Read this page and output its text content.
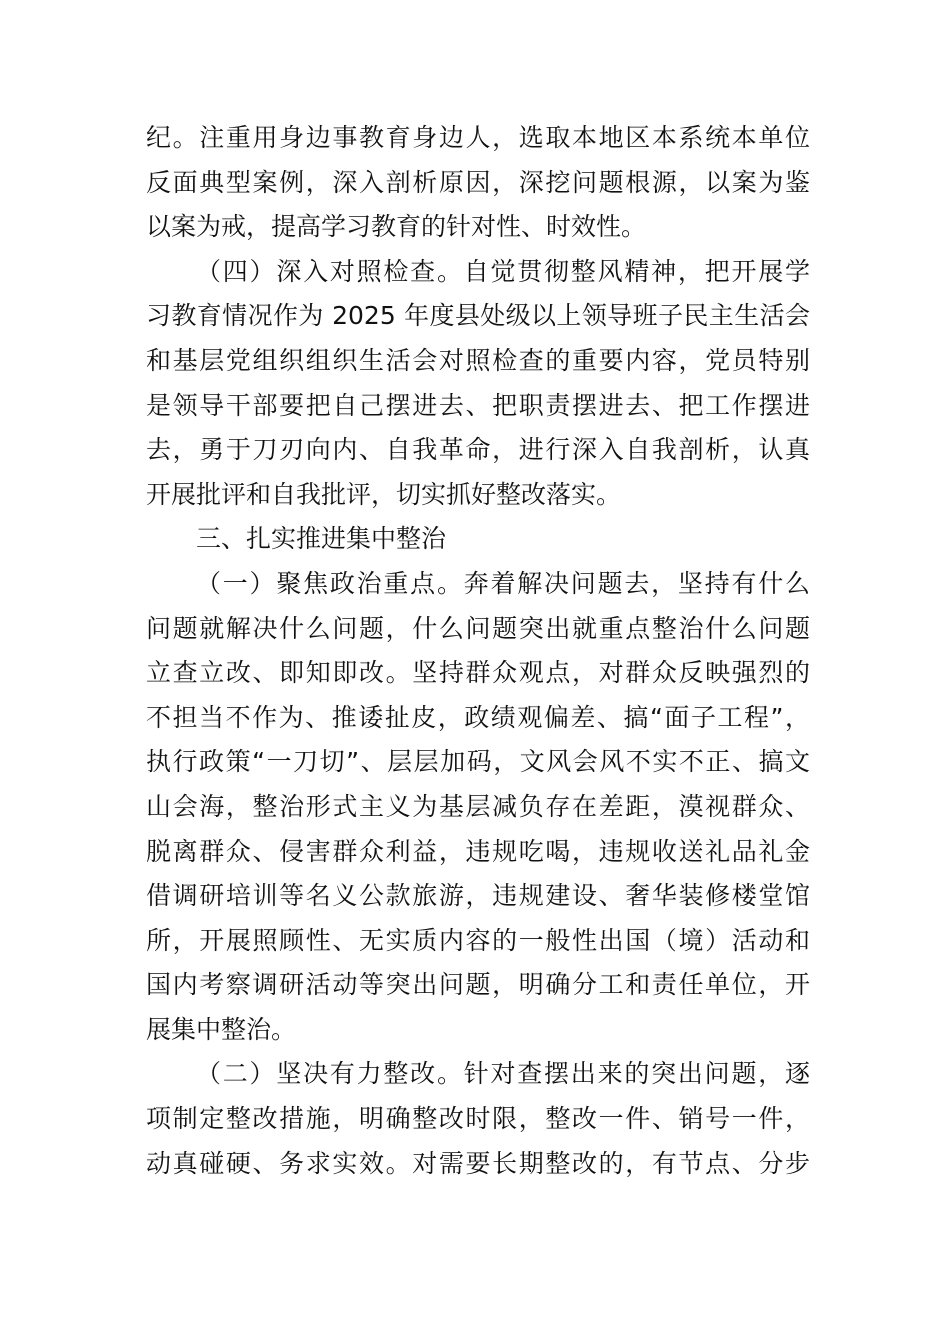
纪。注重用身边事教育身边人，选取本地区本系统本单位
反面典型案例，深入剖析原因，深挖问题根源，以案为鉴
以案为戒，提高学习教育的针对性、时效性。
（四）深入对照检查。自觉贯彻整风精神，把开展学
习教育情况作为 2025 年度县处级以上领导班子民主生活会
和基层党组织组织生活会对照检查的重要内容，党员特别
是领导干部要把自己摆进去、把职责摆进去、把工作摆进
去，勇于刀刃向内、自我革命，进行深入自我剖析，认真
开展批评和自我批评，切实抓好整改落实。
三、扎实推进集中整治
（一）聚焦政治重点。奔着解决问题去，坚持有什么
问题就解决什么问题，什么问题突出就重点整治什么问题
立查立改、即知即改。坚持群众观点，对群众反映强烈的
不担当不作为、推诿扯皮，政绩观偏差、搞“面子工程”，
执行政策“一刀切”、层层加码，文风会风不实不正、搞文
山会海，整治形式主义为基层减负存在差距，漠视群众、
脱离群众、侵害群众利益，违规吃喝，违规收送礼品礼金
借调研培训等名义公款旅游，违规建设、奢华装修楼堂馆
所，开展照顾性、无实质内容的一般性出国（境）活动和
国内考察调研活动等突出问题，明确分工和责任单位，开
展集中整治。
（二）坚决有力整改。针对查摆出来的突出问题，逐
项制定整改措施，明确整改时限，整改一件、销号一件，
动真碰硬、务求实效。对需要长期整改的，有节点、分步
